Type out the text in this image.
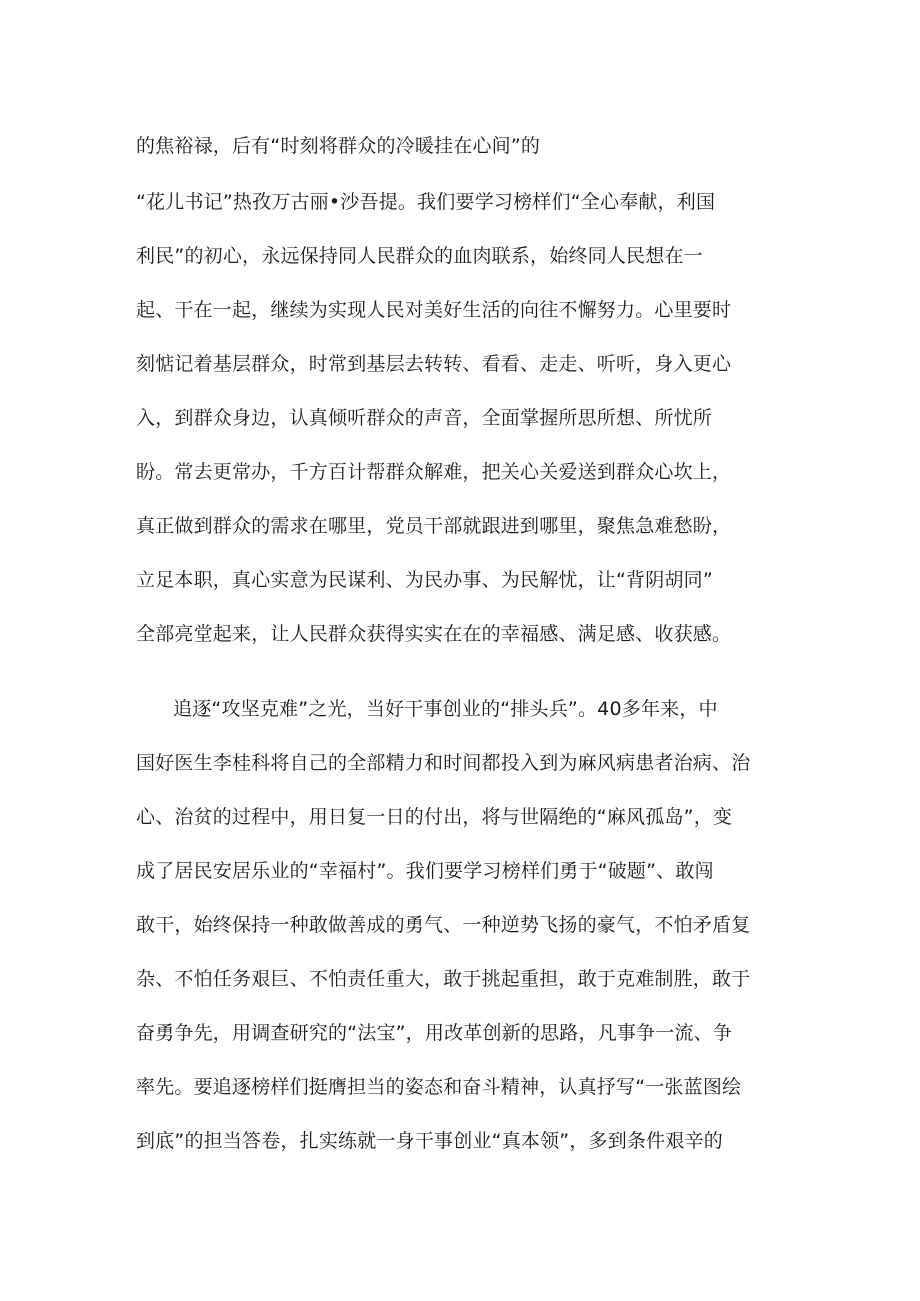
的焦裕禄，后有“时刻将群众的冷暖挂在心间”的
“花儿书记”热孜万古丽•沙吾提。我们要学习榜样们“全心奉献，利国
利民”的初心，永远保持同人民群众的血肉联系，始终同人民想在一
起、干在一起，继续为实现人民对美好生活的向往不懈努力。心里要时
刻惦记着基层群众，时常到基层去转转、看看、走走、听听，身入更心
入，到群众身边，认真倾听群众的声音，全面掌握所思所想、所忧所
盼。常去更常办，千方百计帮群众解难，把关心关爱送到群众心坎上，
真正做到群众的需求在哪里，党员干部就跟进到哪里，聚焦急难愁盼，
立足本职，真心实意为民谋利、为民办事、为民解忧，让“背阴胡同”
全部亮堂起来，让人民群众获得实实在在的幸福感、满足感、收获感。
追逐“攻坚克难”之光，当好干事创业的“排头兵”。40多年来，中
国好医生李桂科将自己的全部精力和时间都投入到为麻风病患者治病、治
心、治贫的过程中，用日复一日的付出，将与世隔绝的“麻风孤岛”，变
成了居民安居乐业的“幸福村”。我们要学习榜样们勇于“破题”、敢闯
敢干，始终保持一种敢做善成的勇气、一种逆势飞扬的豪气，不怕矛盾复
杂、不怕任务艰巨、不怕责任重大，敢于挑起重担，敢于克难制胜，敢于
奋勇争先，用调查研究的“法宝”，用改革创新的思路，凡事争一流、争
率先。要追逐榜样们挺膺担当的姿态和奋斗精神，认真抒写“一张蓝图绘
到底”的担当答卷，扎实练就一身干事创业“真本领”，多到条件艰辛的
